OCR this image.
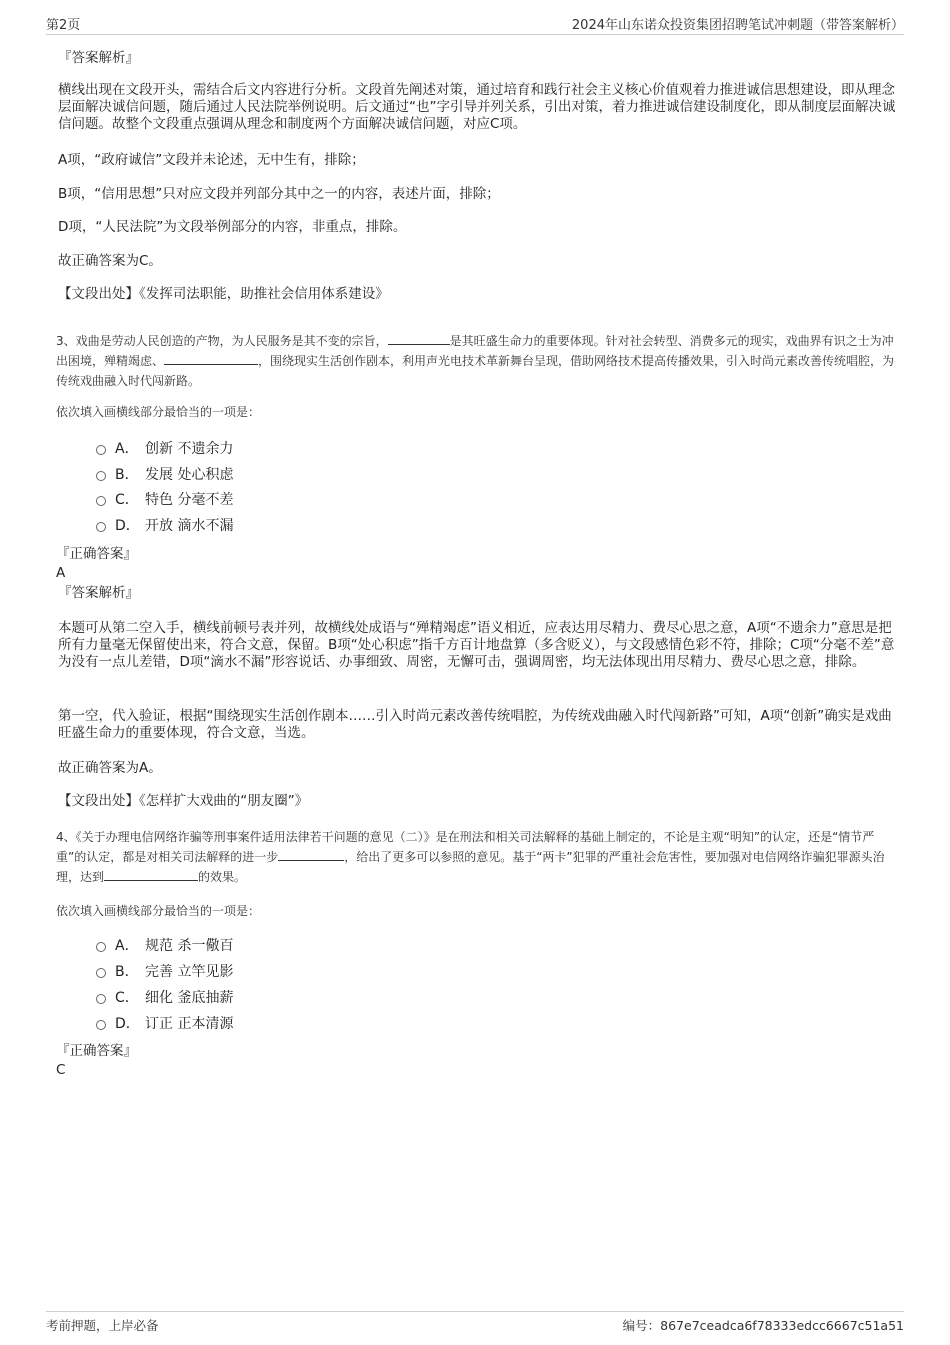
第2页	2024年山东诺众投资集团招聘笔试冲刺题（带答案解析）
『答案解析』
横线出现在文段开头，需结合后文内容进行分析。文段首先阐述对策，通过培育和践行社会主义核心价值观着力推进诚信思想建设，即从理念层面解决诚信问题，随后通过人民法院举例说明。后文通过“也”字引导并列关系，引出对策，着力推进诚信建设制度化，即从制度层面解决诚信问题。故整个文段重点强调从理念和制度两个方面解决诚信问题，对应C项。
A项，“政府诚信”文段并未论述，无中生有，排除；
B项，“信用思想”只对应文段并列部分其中之一的内容，表述片面，排除；
D项，“人民法院”为文段举例部分的内容，非重点，排除。
故正确答案为C。
【文段出处】《发挥司法职能，助推社会信用体系建设》
3、戏曲是劳动人民创造的产物，为人民服务是其不变的宗旨，	是其旺盛生命力的重要体现。针对社会转型、消费多元的现实，戏曲界有识之士为冲出困境，殚精竭虑、	，围绕现实生活创作剧本，利用声光电技术革新舞台呈现，借助网络技术提高传播效果，引入时尚元素改善传统唱腔，为传统戏曲融入时代闯新路。
依次填入画横线部分最恰当的一项是：
A． 创新 不遗余力
B． 发展 处心积虑
C． 特色 分毫不差
D． 开放 滴水不漏
『正确答案』
A
『答案解析』
本题可从第二空入手，横线前顿号表并列，故横线处成语与“殚精竭虑”语义相近，应表达用尽精力、费尽心思之意，A项“不遗余力”意思是把所有力量毫无保留使出来，符合文意，保留。B项“处心积虑”指千方百计地盘算（多含贬义），与文段感情色彩不符，排除；C项“分毫不差”意为没有一点儿差错，D项“滴水不漏”形容说话、办事细致、周密，无懈可击，强调周密，均无法体现出用尽精力、费尽心思之意，排除。
第一空，代入验证，根据“围绕现实生活创作剧本……引入时尚元素改善传统唱腔，为传统戏曲融入时代闯新路”可知，A项“创新”确实是戏曲旺盛生命力的重要体现，符合文意，当选。
故正确答案为A。
【文段出处】《怎样扩大戏曲的“朋友圈”》
4、《关于办理电信网络诈骗等刑事案件适用法律若干问题的意见（二）》是在刑法和相关司法解释的基础上制定的，不论是主观“明知”的认定，还是“情节严重”的认定，都是对相关司法解释的进一步	，给出了更多可以参照的意见。基于“两卡”犯罪的严重社会危害性，要加强对电信网络诈骗犯罪源头治理，达到	的效果。
依次填入画横线部分最恰当的一项是：
A． 规范 杀一儆百
B． 完善 立竿见影
C． 细化 釜底抽薪
D． 订正 正本清源
『正确答案』
C
考前押题，上岸必备	编号：867e7ceadca6f78333edcc6667c51a51
